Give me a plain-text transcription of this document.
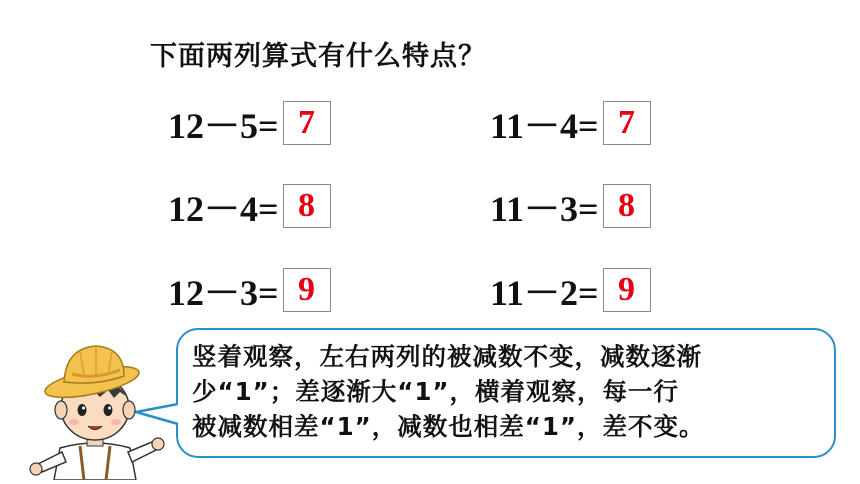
下面两列算式有什么特点？
12－5= 7
12－4= 8
12－3= 9
11－4= 7
11－3= 8
11－2= 9
竖着观察，左右两列的被减数不变，减数逐渐
少“1”；差逐渐大“1”，横着观察，每一行
被减数相差“1”，减数也相差“1”，差不变。
